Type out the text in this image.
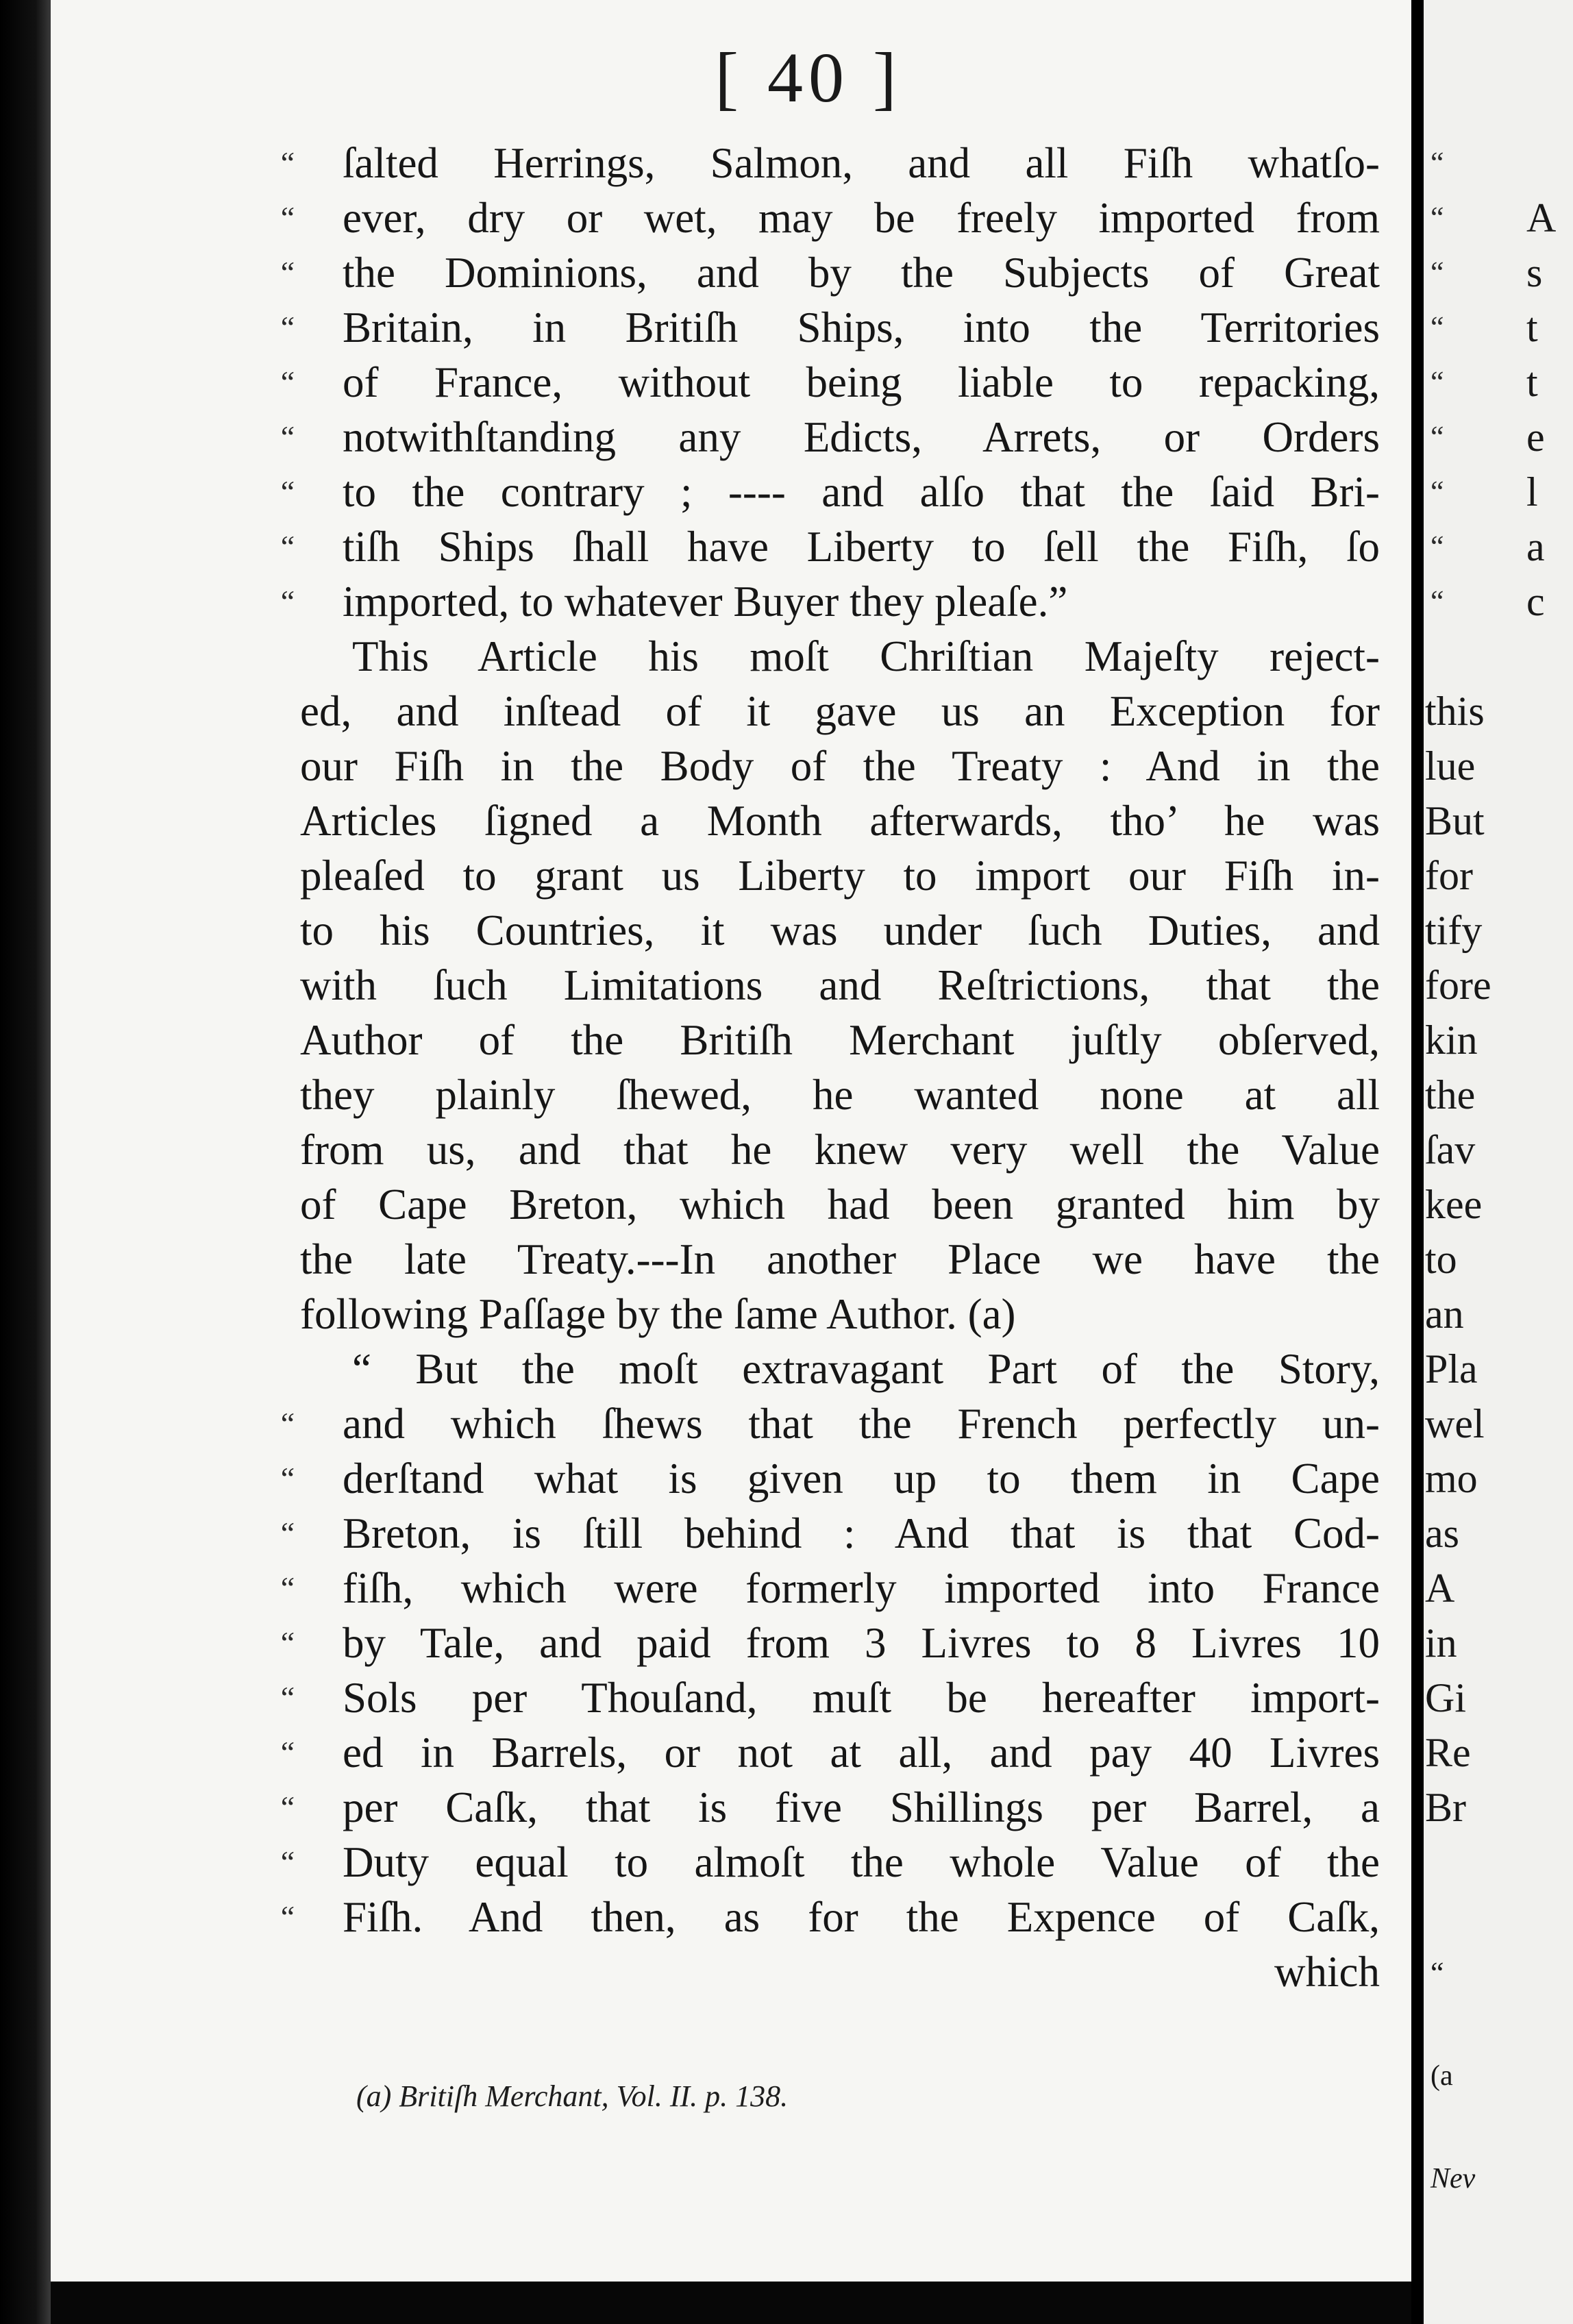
[ 40 ]
“	ſalted Herrings, Salmon, and all Fiſh whatſo-
“	ever, dry or wet, may be freely imported from
“	the Dominions, and by the Subjects of Great
“	Britain, in Britiſh Ships, into the Territories
“	of France, without being liable to repacking,
“	notwithſtanding any Edicts, Arrets, or Orders
“	to the contrary ; ---- and alſo that the ſaid Bri-
“	tiſh Ships ſhall have Liberty to ſell the Fiſh, ſo
“	imported, to whatever Buyer they pleaſe.”
This Article his moſt Chriſtian Majeſty reject-
ed, and inſtead of it gave us an Exception for
our Fiſh in the Body of the Treaty : And in the
Articles ſigned a Month afterwards, tho’ he was
pleaſed to grant us Liberty to import our Fiſh in-
to his Countries, it was under ſuch Duties, and
with ſuch Limitations and Reſtrictions, that the
Author of the Britiſh Merchant juſtly obſerved,
they plainly ſhewed, he wanted none at all
from us, and that he knew very well the Value
of Cape Breton, which had been granted him by
the late Treaty.---In another Place we have the
following Paſſage by the ſame Author. (a)
“ But the moſt extravagant Part of the Story,
“	and which ſhews that the French perfectly un-
“	derſtand what is given up to them in Cape
“	Breton, is ſtill behind : And that is that Cod-
“	fiſh, which were formerly imported into France
“	by Tale, and paid from 3 Livres to 8 Livres 10
“	Sols per Thouſand, muſt be hereafter import-
“	ed in Barrels, or not at all, and pay 40 Livres
“	per Caſk, that is five Shillings per Barrel, a
“	Duty equal to almoſt the whole Value of the
“	Fiſh. And then, as for the Expence of Caſk,
which
(a) Britiſh Merchant, Vol. II. p. 138.
“
“ A
“ s
“ t
“ t
“ e
“ l
“ a
“ c
this
lue
But
for
tify
fore
kin
the
ſav
kee
to
an
Pla
wel
mo
as
A
in
Gi
Re
Br
“
(a
Nev
